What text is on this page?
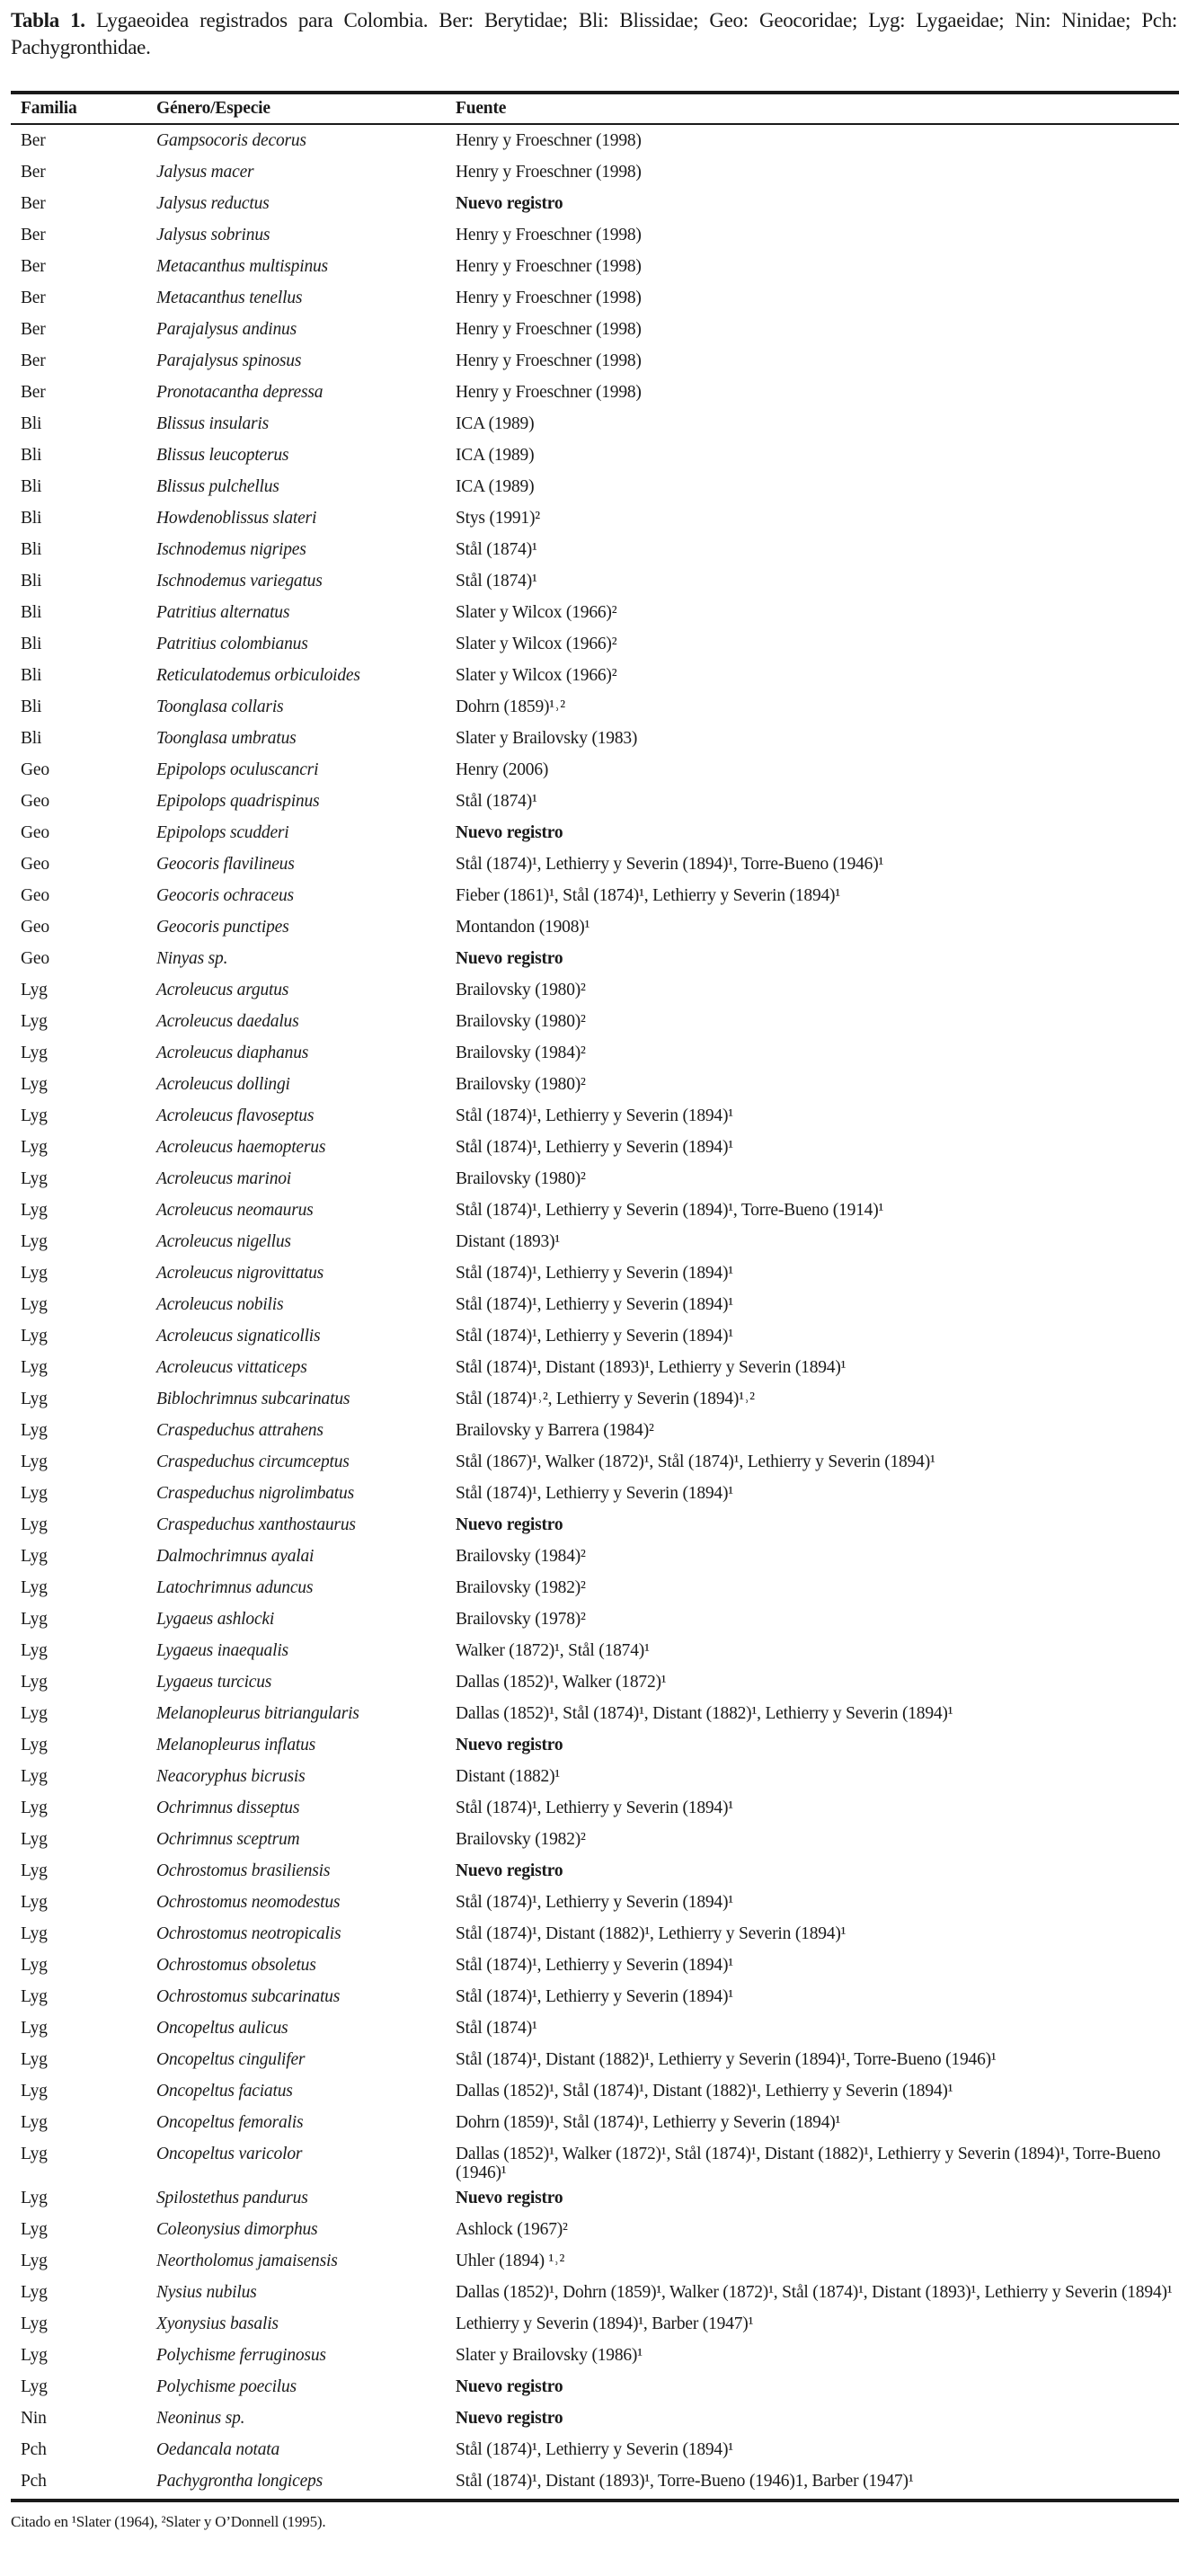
Tabla 1. Lygaeoidea registrados para Colombia. Ber: Berytidae; Bli: Blissidae; Geo: Geocoridae; Lyg: Lygaeidae; Nin: Ninidae; Pch: Pachygronthidae.
Familia	Género/Especie	Fuente
Ber	Gampsocoris decorus	Henry y Froeschner (1998)
Ber	Jalysus macer	Henry y Froeschner (1998)
Ber	Jalysus reductus	Nuevo registro
Ber	Jalysus sobrinus	Henry y Froeschner (1998)
Ber	Metacanthus multispinus	Henry y Froeschner (1998)
Ber	Metacanthus tenellus	Henry y Froeschner (1998)
Ber	Parajalysus andinus	Henry y Froeschner (1998)
Ber	Parajalysus spinosus	Henry y Froeschner (1998)
Ber	Pronotacantha depressa	Henry y Froeschner (1998)
Bli	Blissus insularis	ICA (1989)
Bli	Blissus leucopterus	ICA (1989)
Bli	Blissus pulchellus	ICA (1989)
Bli	Howdenoblissus slateri	Stys (1991)²
Bli	Ischnodemus nigripes	Stål (1874)¹
Bli	Ischnodemus variegatus	Stål (1874)¹
Bli	Patritius alternatus	Slater y Wilcox (1966)²
Bli	Patritius colombianus	Slater y Wilcox (1966)²
Bli	Reticulatodemus orbiculoides	Slater y Wilcox (1966)²
Bli	Toonglasa collaris	Dohrn (1859)¹˒²
Bli	Toonglasa umbratus	Slater y Brailovsky (1983)
Geo	Epipolops oculuscancri	Henry (2006)
Geo	Epipolops quadrispinus	Stål (1874)¹
Geo	Epipolops scudderi	Nuevo registro
Geo	Geocoris flavilineus	Stål (1874)¹, Lethierry y Severin (1894)¹, Torre-Bueno (1946)¹
Geo	Geocoris ochraceus	Fieber (1861)¹, Stål (1874)¹, Lethierry y Severin (1894)¹
Geo	Geocoris punctipes	Montandon (1908)¹
Geo	Ninyas sp.	Nuevo registro
Lyg	Acroleucus argutus	Brailovsky (1980)²
Lyg	Acroleucus daedalus	Brailovsky (1980)²
Lyg	Acroleucus diaphanus	Brailovsky (1984)²
Lyg	Acroleucus dollingi	Brailovsky (1980)²
Lyg	Acroleucus flavoseptus	Stål (1874)¹, Lethierry y Severin (1894)¹
Lyg	Acroleucus haemopterus	Stål (1874)¹, Lethierry y Severin (1894)¹
Lyg	Acroleucus marinoi	Brailovsky (1980)²
Lyg	Acroleucus neomaurus	Stål (1874)¹, Lethierry y Severin (1894)¹, Torre-Bueno (1914)¹
Lyg	Acroleucus nigellus	Distant (1893)¹
Lyg	Acroleucus nigrovittatus	Stål (1874)¹, Lethierry y Severin (1894)¹
Lyg	Acroleucus nobilis	Stål (1874)¹, Lethierry y Severin (1894)¹
Lyg	Acroleucus signaticollis	Stål (1874)¹, Lethierry y Severin (1894)¹
Lyg	Acroleucus vittaticeps	Stål (1874)¹, Distant (1893)¹, Lethierry y Severin (1894)¹
Lyg	Biblochrimnus subcarinatus	Stål (1874)¹˒², Lethierry y Severin (1894)¹˒²
Lyg	Craspeduchus attrahens	Brailovsky y Barrera (1984)²
Lyg	Craspeduchus circumceptus	Stål (1867)¹, Walker (1872)¹, Stål (1874)¹, Lethierry y Severin (1894)¹
Lyg	Craspeduchus nigrolimbatus	Stål (1874)¹, Lethierry y Severin (1894)¹
Lyg	Craspeduchus xanthostaurus	Nuevo registro
Lyg	Dalmochrimnus ayalai	Brailovsky (1984)²
Lyg	Latochrimnus aduncus	Brailovsky (1982)²
Lyg	Lygaeus ashlocki	Brailovsky (1978)²
Lyg	Lygaeus inaequalis	Walker (1872)¹, Stål (1874)¹
Lyg	Lygaeus turcicus	Dallas (1852)¹, Walker (1872)¹
Lyg	Melanopleurus bitriangularis	Dallas (1852)¹, Stål (1874)¹, Distant (1882)¹, Lethierry y Severin (1894)¹
Lyg	Melanopleurus inflatus	Nuevo registro
Lyg	Neacoryphus bicrusis	Distant (1882)¹
Lyg	Ochrimnus disseptus	Stål (1874)¹, Lethierry y Severin (1894)¹
Lyg	Ochrimnus sceptrum	Brailovsky (1982)²
Lyg	Ochrostomus brasiliensis	Nuevo registro
Lyg	Ochrostomus neomodestus	Stål (1874)¹, Lethierry y Severin (1894)¹
Lyg	Ochrostomus neotropicalis	Stål (1874)¹, Distant (1882)¹, Lethierry y Severin (1894)¹
Lyg	Ochrostomus obsoletus	Stål (1874)¹, Lethierry y Severin (1894)¹
Lyg	Ochrostomus subcarinatus	Stål (1874)¹, Lethierry y Severin (1894)¹
Lyg	Oncopeltus aulicus	Stål (1874)¹
Lyg	Oncopeltus cingulifer	Stål (1874)¹, Distant (1882)¹, Lethierry y Severin (1894)¹, Torre-Bueno (1946)¹
Lyg	Oncopeltus faciatus	Dallas (1852)¹, Stål (1874)¹, Distant (1882)¹, Lethierry y Severin (1894)¹
Lyg	Oncopeltus femoralis	Dohrn (1859)¹, Stål (1874)¹, Lethierry y Severin (1894)¹
Lyg	Oncopeltus varicolor	Dallas (1852)¹, Walker (1872)¹, Stål (1874)¹, Distant (1882)¹, Lethierry y Severin (1894)¹, Torre-Bueno (1946)¹
Lyg	Spilostethus pandurus	Nuevo registro
Lyg	Coleonysius dimorphus	Ashlock (1967)²
Lyg	Neortholomus jamaisensis	Uhler (1894) ¹˒²
Lyg	Nysius nubilus	Dallas (1852)¹, Dohrn (1859)¹, Walker (1872)¹, Stål (1874)¹, Distant (1893)¹, Lethierry y Severin (1894)¹
Lyg	Xyonysius basalis	Lethierry y Severin (1894)¹, Barber (1947)¹
Lyg	Polychisme ferruginosus	Slater y Brailovsky (1986)¹
Lyg	Polychisme poecilus	Nuevo registro
Nin	Neoninus sp.	Nuevo registro
Pch	Oedancala notata	Stål (1874)¹, Lethierry y Severin (1894)¹
Pch	Pachygrontha longiceps	Stål (1874)¹, Distant (1893)¹, Torre-Bueno (1946)1, Barber (1947)¹
Citado en ¹Slater (1964), ²Slater y O’Donnell (1995).
